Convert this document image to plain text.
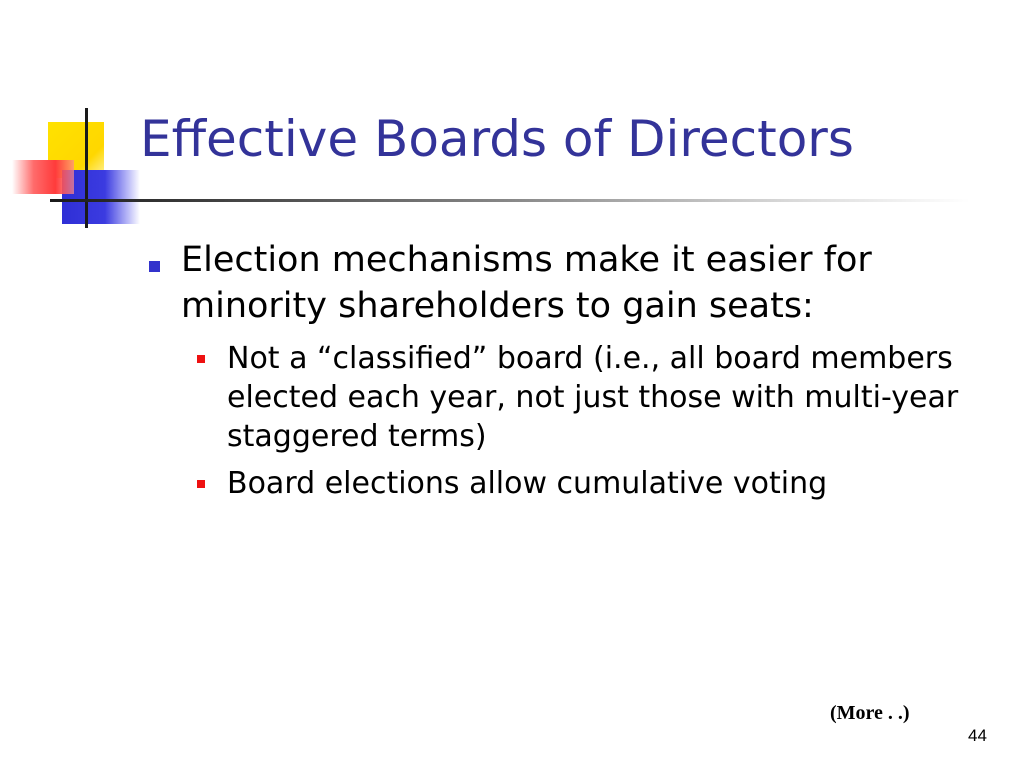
Effective Boards of Directors
Election mechanisms make it easier for minority shareholders to gain seats:
Not a “classified” board (i.e., all board members elected each year, not just those with multi-year staggered terms)
Board elections allow cumulative voting
(More . .)
44
